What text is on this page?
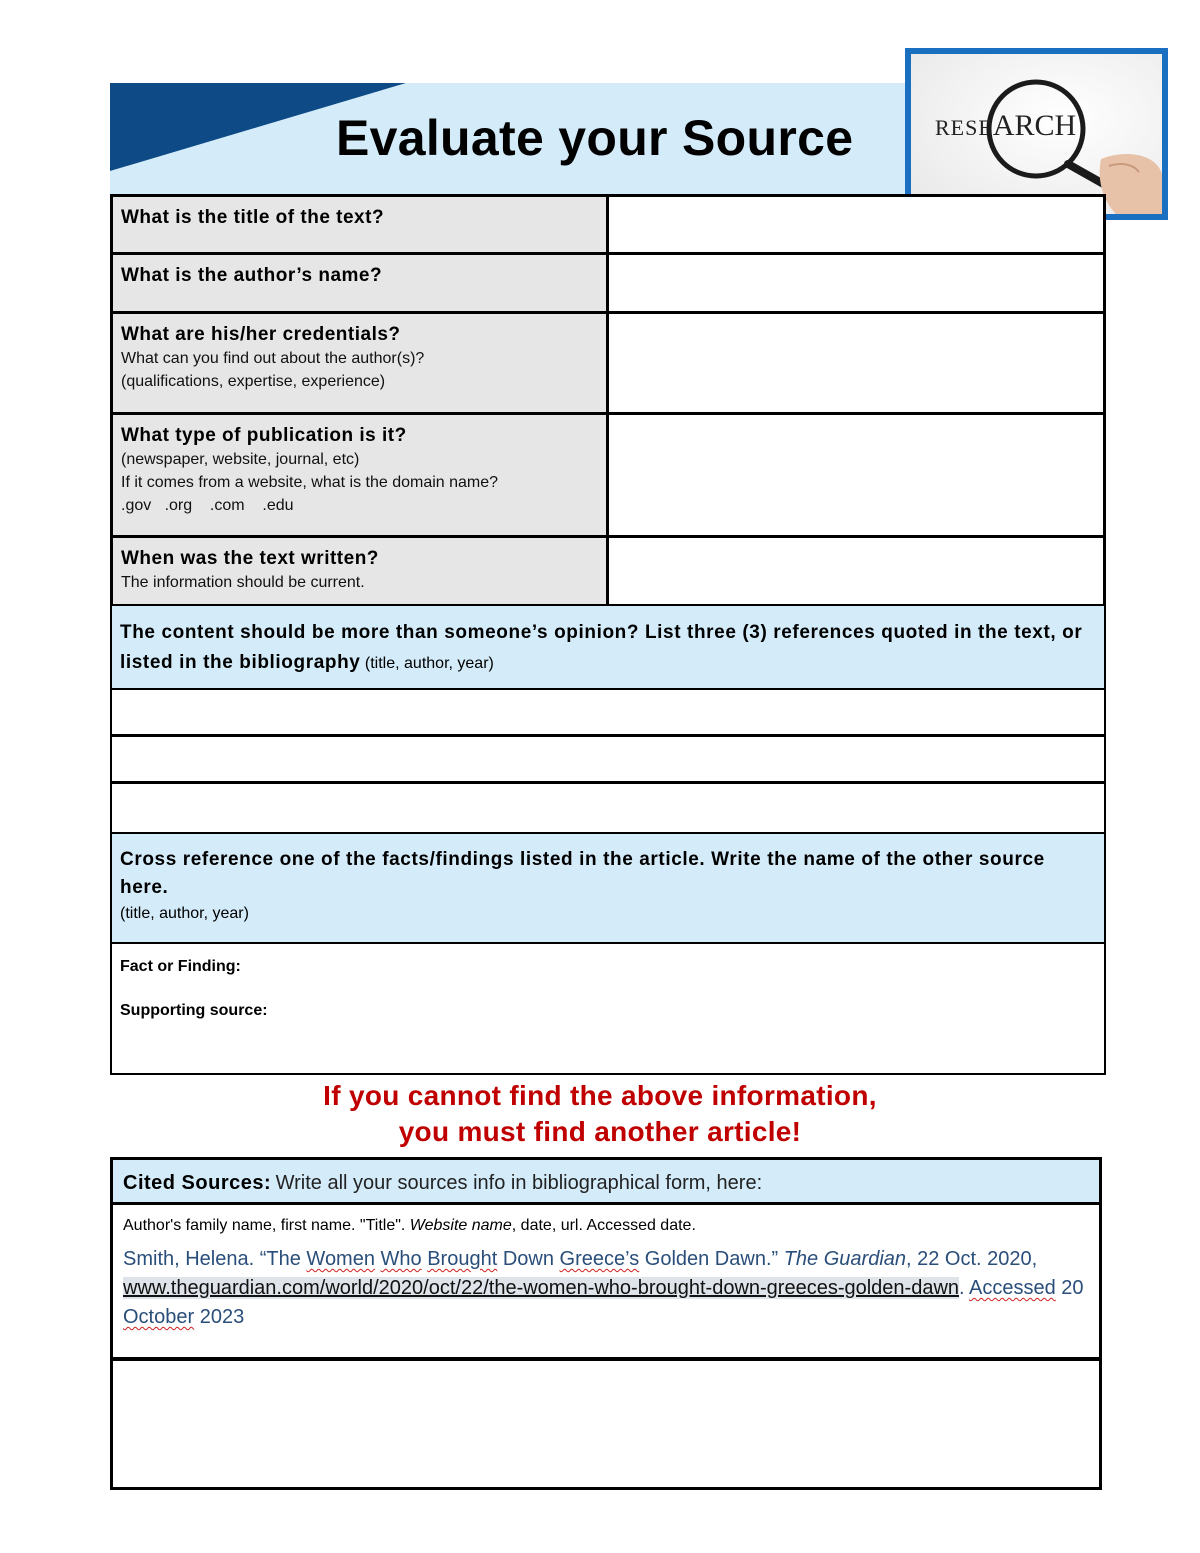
Evaluate your Source	RESEARCH
What is the title of the text?	

What is the author’s name?	

What are his/her credentials?
What can you find out about the author(s)?
(qualifications, expertise, experience)	

What type of publication is it?
(newspaper, website, journal, etc)
If it comes from a website, what is the domain name?
.gov   .org    .com    .edu	

When was the text written?
The information should be current.	

The content should be more than someone’s opinion? List three (3) references quoted in the text, or listed in the bibliography (title, author, year)
Cross reference one of the facts/findings listed in the article. Write the name of the other source here.
(title, author, year)
Fact or Finding:
Supporting source:
If you cannot find the above information,
you must find another article!
Cited Sources: Write all your sources info in bibliographical form, here:
Author's family name, first name. "Title". Website name, date, url. Accessed date.
Smith, Helena. “The Women Who Brought Down Greece’s Golden Dawn.” The Guardian, 22 Oct. 2020, www.theguardian.com/world/2020/oct/22/the-women-who-brought-down-greeces-golden-dawn. Accessed 20 October 2023
